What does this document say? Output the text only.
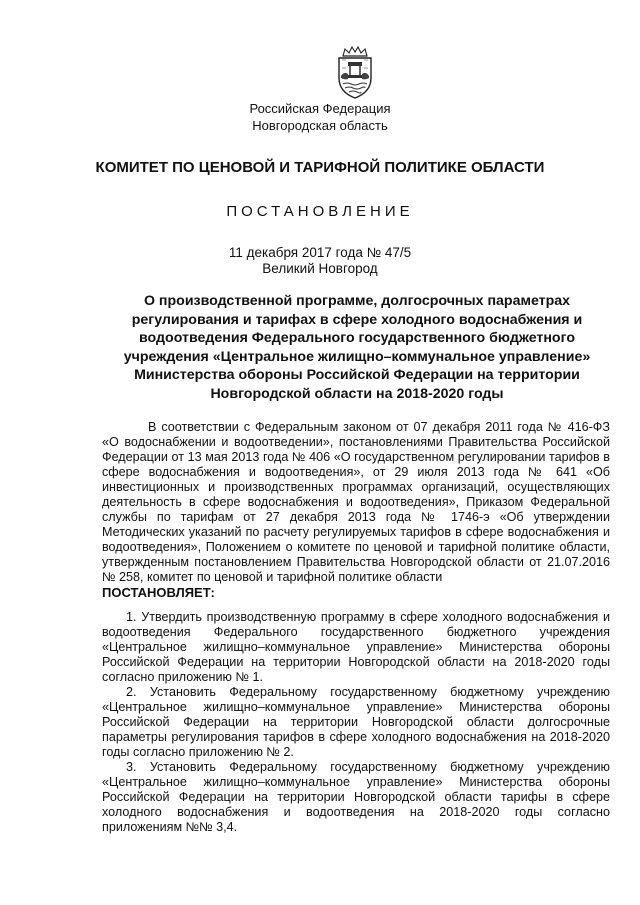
Российская Федерация
Новгородская область
КОМИТЕТ ПО ЦЕНОВОЙ И ТАРИФНОЙ ПОЛИТИКЕ ОБЛАСТИ
ПОСТАНОВЛЕНИЕ
11 декабря 2017 года № 47/5
Великий Новгород
О производственной программе, долгосрочных параметрах
регулирования и тарифах в сфере холодного водоснабжения и
водоотведения Федерального государственного бюджетного
учреждения «Центральное жилищно–коммунальное управление»
Министерства обороны Российской Федерации на территории
Новгородской области на 2018-2020 годы

В соответствии с Федеральным законом от 07 декабря 2011 года № 416-ФЗ «О водоснабжении и водоотведении», постановлениями Правительства Российской Федерации от 13 мая 2013 года № 406 «О государственном регулировании тарифов в сфере водоснабжения и водоотведения», от 29 июля 2013 года № 641 «Об инвестиционных и производственных программах организаций, осуществляющих деятельность в сфере водоснабжения и водоотведения», Приказом Федеральной службы по тарифам от 27 декабря 2013 года № 1746-э «Об утверждении Методических указаний по расчету регулируемых тарифов в сфере водоснабжения и водоотведения», Положением о комитете по ценовой и тарифной политике области, утвержденным постановлением Правительства Новгородской области от 21.07.2016 № 258, комитет по ценовой и тарифной политике области

ПОСТАНОВЛЯЕТ:

1. Утвердить производственную программу в сфере холодного водоснабжения и водоотведения Федерального государственного бюджетного учреждения «Центральное жилищно–коммунальное управление» Министерства обороны Российской Федерации на территории Новгородской области на 2018-2020 годы согласно приложению № 1.

2. Установить Федеральному государственному бюджетному учреждению «Центральное жилищно–коммунальное управление» Министерства обороны Российской Федерации на территории Новгородской области долгосрочные параметры регулирования тарифов в сфере холодного водоснабжения на 2018-2020 годы согласно приложению № 2.

3. Установить Федеральному государственному бюджетному учреждению «Центральное жилищно–коммунальное управление» Министерства обороны Российской Федерации на территории Новгородской области тарифы в сфере холодного водоснабжения и водоотведения на 2018-2020 годы согласно приложениям №№ 3,4.
